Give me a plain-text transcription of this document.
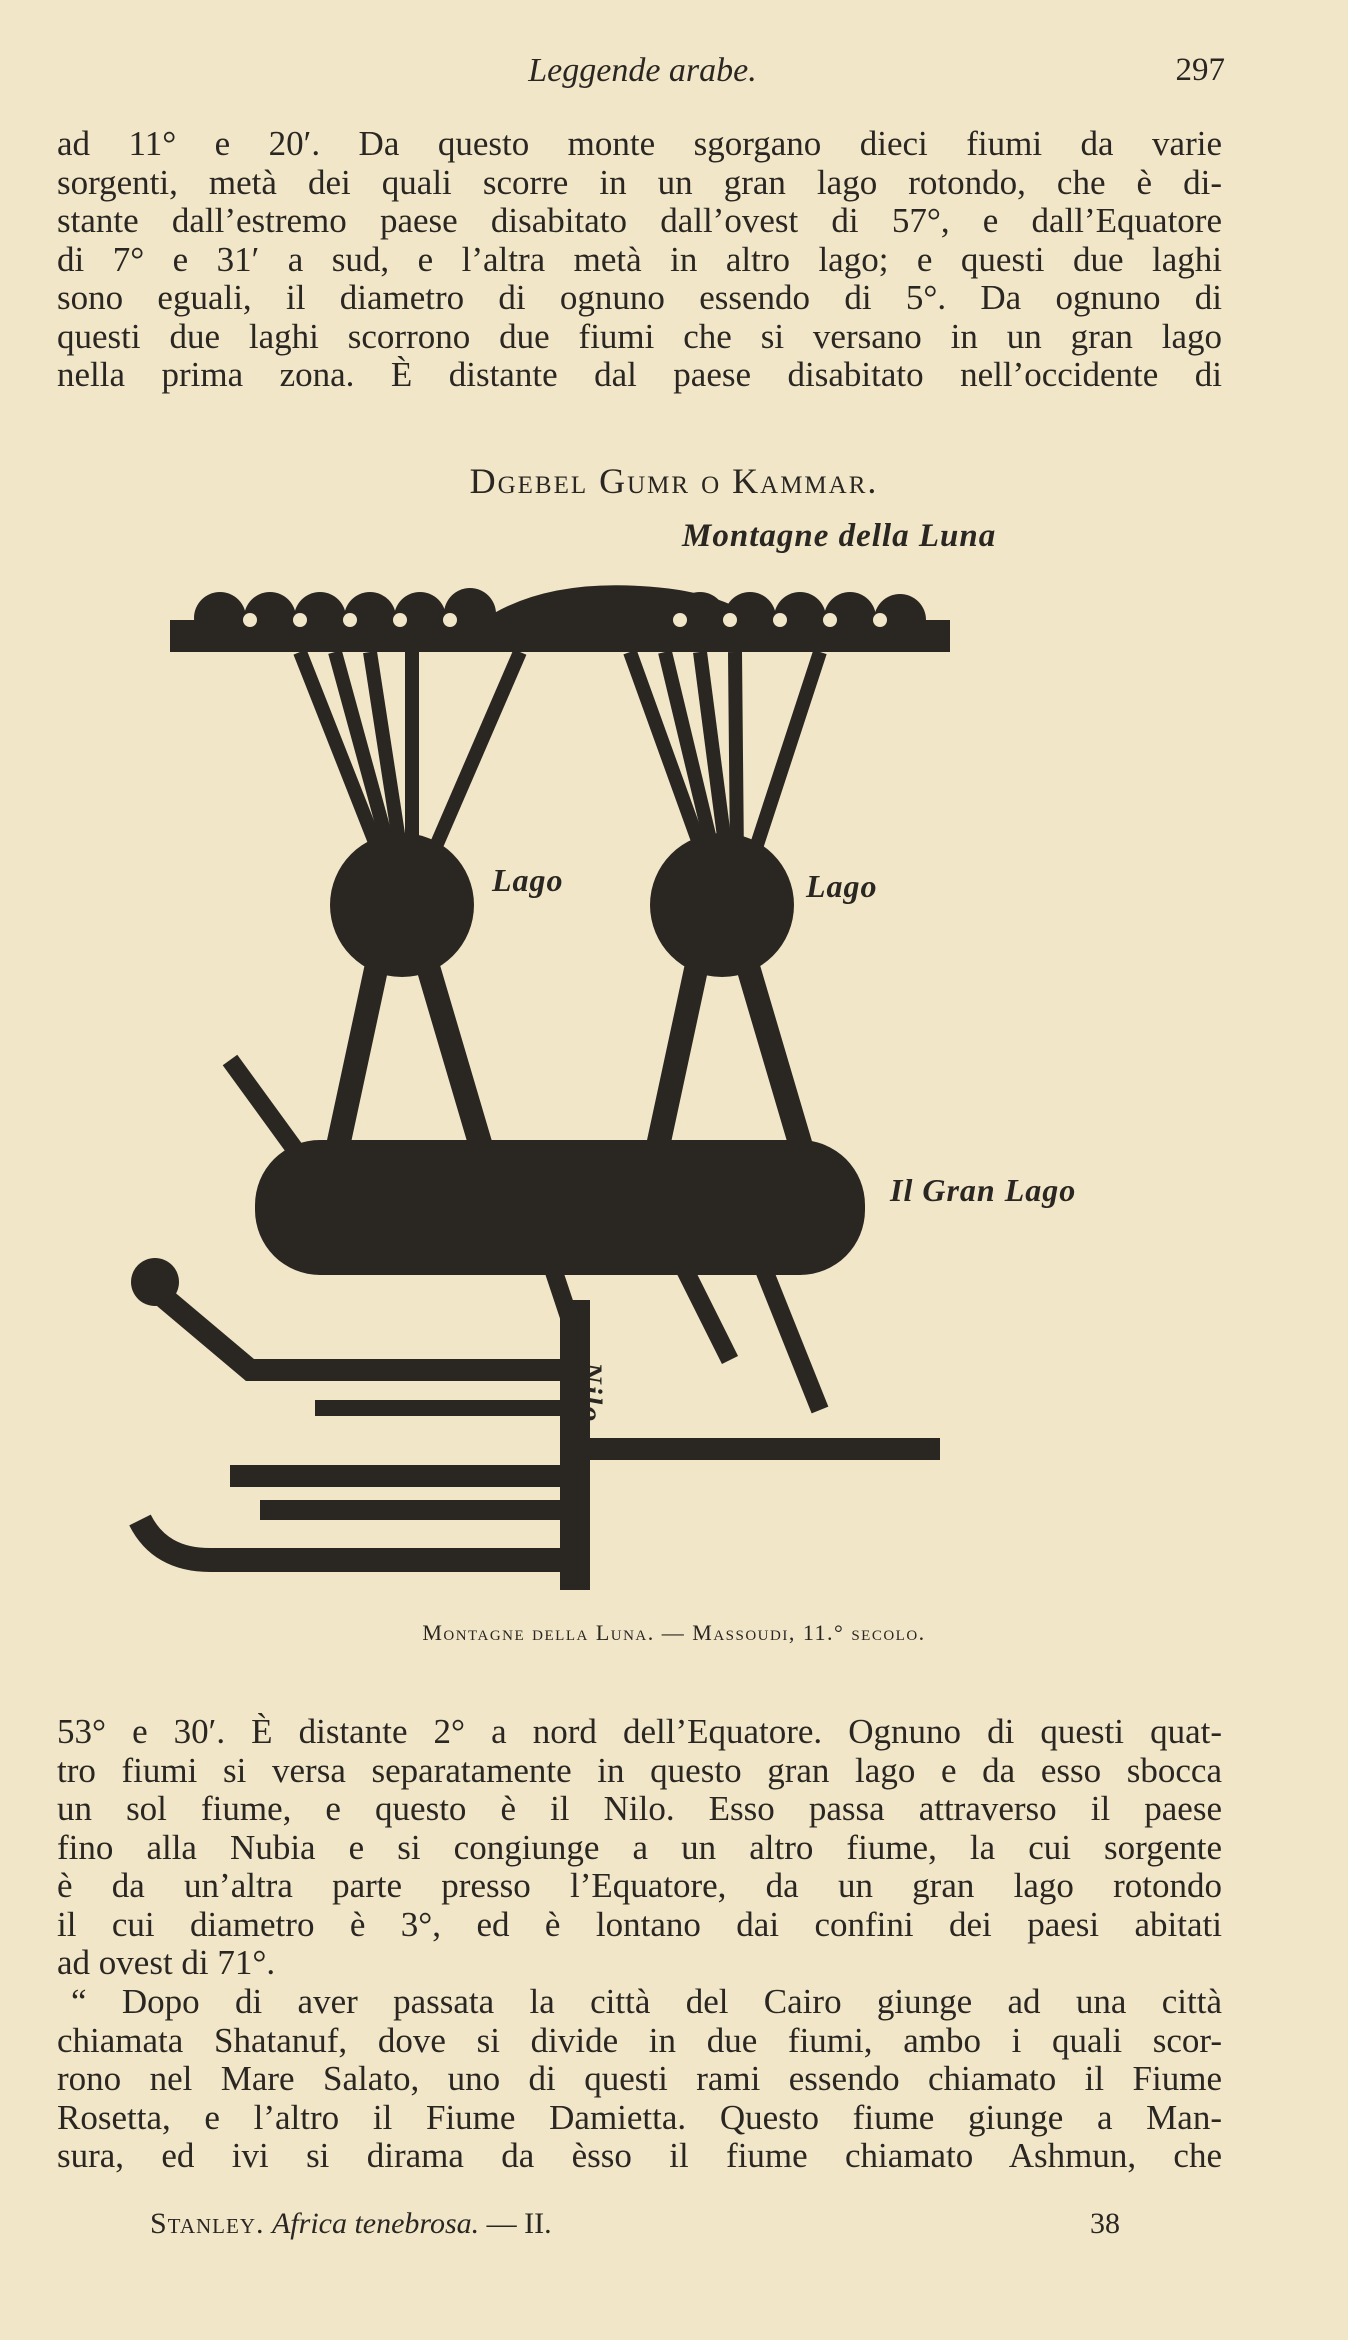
Leggende arabe.	297

ad 11° e 20′. Da questo monte sgorgano dieci fiumi da varie
sorgenti, metà dei quali scorre in un gran lago rotondo, che è di-
stante dall’estremo paese disabitato dall’ovest di 57°, e dall’Equatore
di 7° e 31′ a sud, e l’altra metà in altro lago; e questi due laghi
sono eguali, il diametro di ognuno essendo di 5°. Da ognuno di
questi due laghi scorrono due fiumi che si versano in un gran lago
nella prima zona. È distante dal paese disabitato nell’occidente di

Dgebel Gumr o Kammar.
Montagne della Luna
Lago	Lago
Il Gran Lago
Nilo
Montagne della Luna. — Massoudi, 11.° secolo.

53° e 30′. È distante 2° a nord dell’Equatore. Ognuno di questi quat-
tro fiumi si versa separatamente in questo gran lago e da esso sbocca
un sol fiume, e questo è il Nilo. Esso passa attraverso il paese
fino alla Nubia e si congiunge a un altro fiume, la cui sorgente
è da un’altra parte presso l’Equatore, da un gran lago rotondo
il cui diametro è 3°, ed è lontano dai confini dei paesi abitati
ad ovest di 71°.

“ Dopo di aver passata la città del Cairo giunge ad una città
chiamata Shatanuf, dove si divide in due fiumi, ambo i quali scor-
rono nel Mare Salato, uno di questi rami essendo chiamato il Fiume
Rosetta, e l’altro il Fiume Damietta. Questo fiume giunge a Man-
sura, ed ivi si dirama da èsso il fiume chiamato Ashmun, che

Stanley. Africa tenebrosa. — II.	38
